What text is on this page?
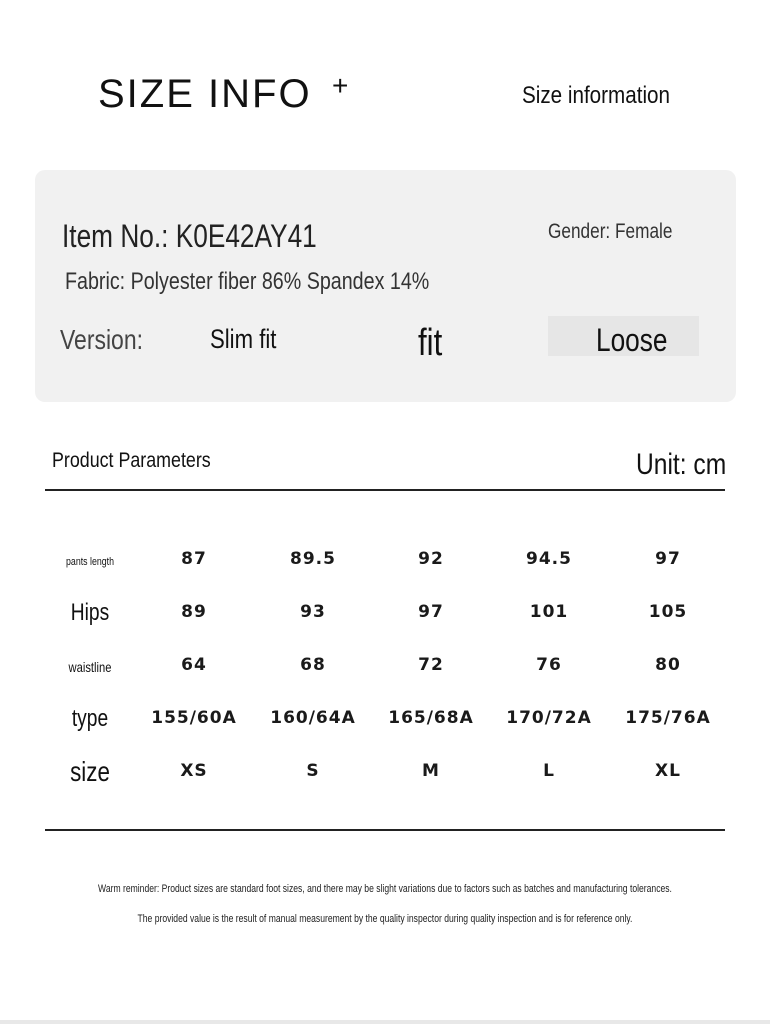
SIZE INFO +	Size information
Item No.: K0E42AY41	Gender: Female
Fabric: Polyester fiber 86% Spandex 14%
Version: Slim fit	fit	Loose
Product Parameters	Unit: cm
pants length	87	89.5	92	94.5	97
Hips	89	93	97	101	105
waistline	64	68	72	76	80
type	155/60A	160/64A	165/68A	170/72A	175/76A
size	XS	S	M	L	XL
Warm reminder: Product sizes are standard foot sizes, and there may be slight variations due to factors such as batches and manufacturing tolerances.
The provided value is the result of manual measurement by the quality inspector during quality inspection and is for reference only.
